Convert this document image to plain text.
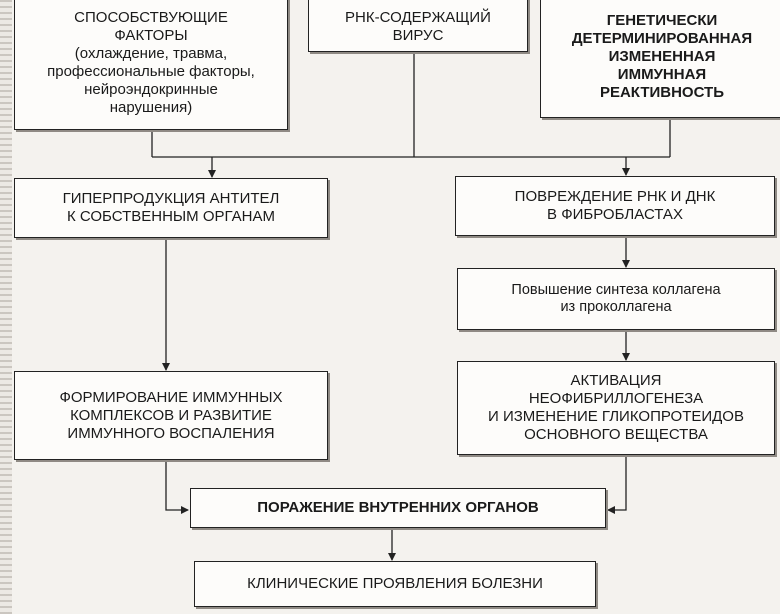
СПОСОБСТВУЮЩИЕ
ФАКТОРЫ
(охлаждение, травма,
профессиональные факторы,
нейроэндокринные
нарушения)
РНК-СОДЕРЖАЩИЙ
ВИРУС
ГЕНЕТИЧЕСКИ
ДЕТЕРМИНИРОВАННАЯ
ИЗМЕНЕННАЯ
ИММУННАЯ
РЕАКТИВНОСТЬ
ГИПЕРПРОДУКЦИЯ АНТИТЕЛ
К СОБСТВЕННЫМ ОРГАНАМ
ПОВРЕЖДЕНИЕ РНК И ДНК
В ФИБРОБЛАСТАХ
Повышение синтеза коллагена
из проколлагена
ФОРМИРОВАНИЕ ИММУННЫХ
КОМПЛЕКСОВ И РАЗВИТИЕ
ИММУННОГО ВОСПАЛЕНИЯ
АКТИВАЦИЯ
НЕОФИБРИЛЛОГЕНЕЗА
И ИЗМЕНЕНИЕ ГЛИКОПРОТЕИДОВ
ОСНОВНОГО ВЕЩЕСТВА
ПОРАЖЕНИЕ ВНУТРЕННИХ ОРГАНОВ
КЛИНИЧЕСКИЕ ПРОЯВЛЕНИЯ БОЛЕЗНИ
